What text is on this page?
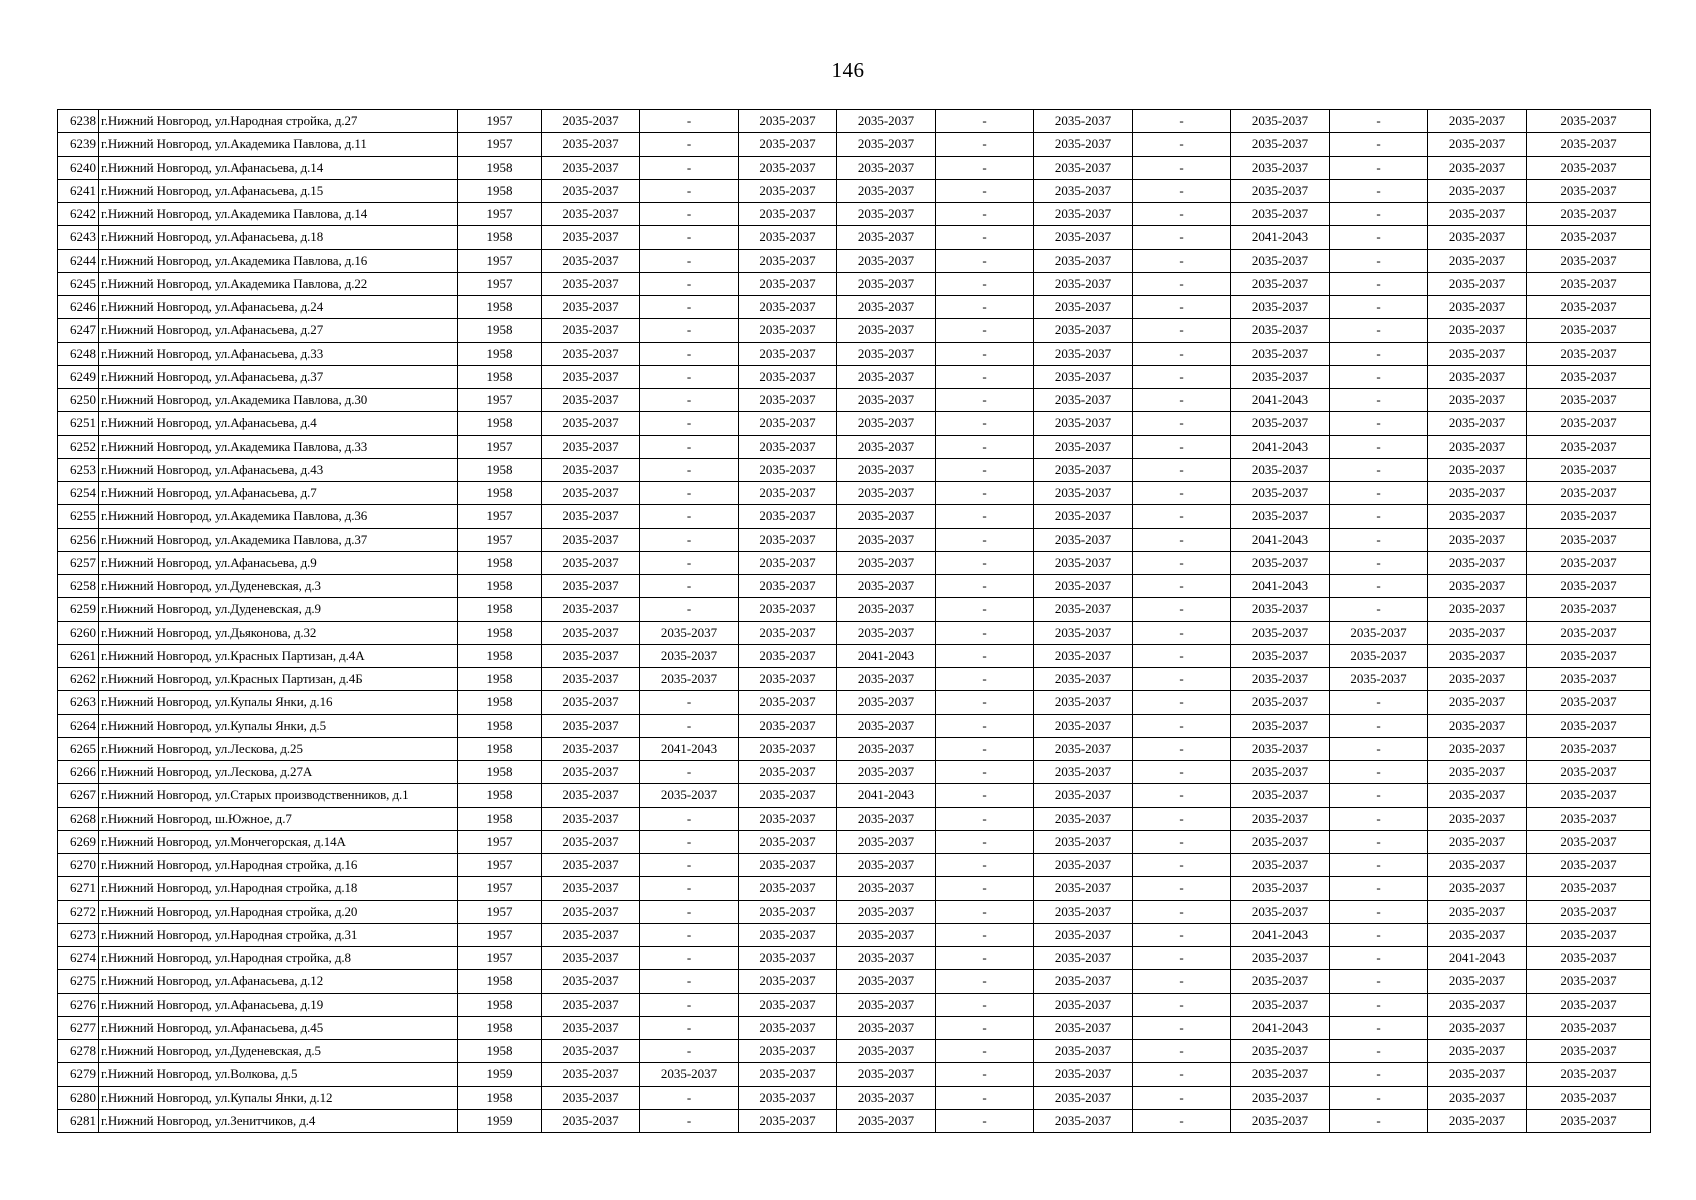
146
6238	г.Нижний Новгород, ул.Народная стройка, д.27	1957	2035-2037	-	2035-2037	2035-2037	-	2035-2037	-	2035-2037	-	2035-2037	2035-2037
6239	г.Нижний Новгород, ул.Академика Павлова, д.11	1957	2035-2037	-	2035-2037	2035-2037	-	2035-2037	-	2035-2037	-	2035-2037	2035-2037
6240	г.Нижний Новгород, ул.Афанасьева, д.14	1958	2035-2037	-	2035-2037	2035-2037	-	2035-2037	-	2035-2037	-	2035-2037	2035-2037
6241	г.Нижний Новгород, ул.Афанасьева, д.15	1958	2035-2037	-	2035-2037	2035-2037	-	2035-2037	-	2035-2037	-	2035-2037	2035-2037
6242	г.Нижний Новгород, ул.Академика Павлова, д.14	1957	2035-2037	-	2035-2037	2035-2037	-	2035-2037	-	2035-2037	-	2035-2037	2035-2037
6243	г.Нижний Новгород, ул.Афанасьева, д.18	1958	2035-2037	-	2035-2037	2035-2037	-	2035-2037	-	2041-2043	-	2035-2037	2035-2037
6244	г.Нижний Новгород, ул.Академика Павлова, д.16	1957	2035-2037	-	2035-2037	2035-2037	-	2035-2037	-	2035-2037	-	2035-2037	2035-2037
6245	г.Нижний Новгород, ул.Академика Павлова, д.22	1957	2035-2037	-	2035-2037	2035-2037	-	2035-2037	-	2035-2037	-	2035-2037	2035-2037
6246	г.Нижний Новгород, ул.Афанасьева, д.24	1958	2035-2037	-	2035-2037	2035-2037	-	2035-2037	-	2035-2037	-	2035-2037	2035-2037
6247	г.Нижний Новгород, ул.Афанасьева, д.27	1958	2035-2037	-	2035-2037	2035-2037	-	2035-2037	-	2035-2037	-	2035-2037	2035-2037
6248	г.Нижний Новгород, ул.Афанасьева, д.33	1958	2035-2037	-	2035-2037	2035-2037	-	2035-2037	-	2035-2037	-	2035-2037	2035-2037
6249	г.Нижний Новгород, ул.Афанасьева, д.37	1958	2035-2037	-	2035-2037	2035-2037	-	2035-2037	-	2035-2037	-	2035-2037	2035-2037
6250	г.Нижний Новгород, ул.Академика Павлова, д.30	1957	2035-2037	-	2035-2037	2035-2037	-	2035-2037	-	2041-2043	-	2035-2037	2035-2037
6251	г.Нижний Новгород, ул.Афанасьева, д.4	1958	2035-2037	-	2035-2037	2035-2037	-	2035-2037	-	2035-2037	-	2035-2037	2035-2037
6252	г.Нижний Новгород, ул.Академика Павлова, д.33	1957	2035-2037	-	2035-2037	2035-2037	-	2035-2037	-	2041-2043	-	2035-2037	2035-2037
6253	г.Нижний Новгород, ул.Афанасьева, д.43	1958	2035-2037	-	2035-2037	2035-2037	-	2035-2037	-	2035-2037	-	2035-2037	2035-2037
6254	г.Нижний Новгород, ул.Афанасьева, д.7	1958	2035-2037	-	2035-2037	2035-2037	-	2035-2037	-	2035-2037	-	2035-2037	2035-2037
6255	г.Нижний Новгород, ул.Академика Павлова, д.36	1957	2035-2037	-	2035-2037	2035-2037	-	2035-2037	-	2035-2037	-	2035-2037	2035-2037
6256	г.Нижний Новгород, ул.Академика Павлова, д.37	1957	2035-2037	-	2035-2037	2035-2037	-	2035-2037	-	2041-2043	-	2035-2037	2035-2037
6257	г.Нижний Новгород, ул.Афанасьева, д.9	1958	2035-2037	-	2035-2037	2035-2037	-	2035-2037	-	2035-2037	-	2035-2037	2035-2037
6258	г.Нижний Новгород, ул.Дуденевская, д.3	1958	2035-2037	-	2035-2037	2035-2037	-	2035-2037	-	2041-2043	-	2035-2037	2035-2037
6259	г.Нижний Новгород, ул.Дуденевская, д.9	1958	2035-2037	-	2035-2037	2035-2037	-	2035-2037	-	2035-2037	-	2035-2037	2035-2037
6260	г.Нижний Новгород, ул.Дьяконова, д.32	1958	2035-2037	2035-2037	2035-2037	2035-2037	-	2035-2037	-	2035-2037	2035-2037	2035-2037	2035-2037
6261	г.Нижний Новгород, ул.Красных Партизан, д.4А	1958	2035-2037	2035-2037	2035-2037	2041-2043	-	2035-2037	-	2035-2037	2035-2037	2035-2037	2035-2037
6262	г.Нижний Новгород, ул.Красных Партизан, д.4Б	1958	2035-2037	2035-2037	2035-2037	2035-2037	-	2035-2037	-	2035-2037	2035-2037	2035-2037	2035-2037
6263	г.Нижний Новгород, ул.Купалы Янки, д.16	1958	2035-2037	-	2035-2037	2035-2037	-	2035-2037	-	2035-2037	-	2035-2037	2035-2037
6264	г.Нижний Новгород, ул.Купалы Янки, д.5	1958	2035-2037	-	2035-2037	2035-2037	-	2035-2037	-	2035-2037	-	2035-2037	2035-2037
6265	г.Нижний Новгород, ул.Лескова, д.25	1958	2035-2037	2041-2043	2035-2037	2035-2037	-	2035-2037	-	2035-2037	-	2035-2037	2035-2037
6266	г.Нижний Новгород, ул.Лескова, д.27А	1958	2035-2037	-	2035-2037	2035-2037	-	2035-2037	-	2035-2037	-	2035-2037	2035-2037
6267	г.Нижний Новгород, ул.Старых производственников, д.1	1958	2035-2037	2035-2037	2035-2037	2041-2043	-	2035-2037	-	2035-2037	-	2035-2037	2035-2037
6268	г.Нижний Новгород, ш.Южное, д.7	1958	2035-2037	-	2035-2037	2035-2037	-	2035-2037	-	2035-2037	-	2035-2037	2035-2037
6269	г.Нижний Новгород, ул.Мончегорская, д.14А	1957	2035-2037	-	2035-2037	2035-2037	-	2035-2037	-	2035-2037	-	2035-2037	2035-2037
6270	г.Нижний Новгород, ул.Народная стройка, д.16	1957	2035-2037	-	2035-2037	2035-2037	-	2035-2037	-	2035-2037	-	2035-2037	2035-2037
6271	г.Нижний Новгород, ул.Народная стройка, д.18	1957	2035-2037	-	2035-2037	2035-2037	-	2035-2037	-	2035-2037	-	2035-2037	2035-2037
6272	г.Нижний Новгород, ул.Народная стройка, д.20	1957	2035-2037	-	2035-2037	2035-2037	-	2035-2037	-	2035-2037	-	2035-2037	2035-2037
6273	г.Нижний Новгород, ул.Народная стройка, д.31	1957	2035-2037	-	2035-2037	2035-2037	-	2035-2037	-	2041-2043	-	2035-2037	2035-2037
6274	г.Нижний Новгород, ул.Народная стройка, д.8	1957	2035-2037	-	2035-2037	2035-2037	-	2035-2037	-	2035-2037	-	2041-2043	2035-2037
6275	г.Нижний Новгород, ул.Афанасьева, д.12	1958	2035-2037	-	2035-2037	2035-2037	-	2035-2037	-	2035-2037	-	2035-2037	2035-2037
6276	г.Нижний Новгород, ул.Афанасьева, д.19	1958	2035-2037	-	2035-2037	2035-2037	-	2035-2037	-	2035-2037	-	2035-2037	2035-2037
6277	г.Нижний Новгород, ул.Афанасьева, д.45	1958	2035-2037	-	2035-2037	2035-2037	-	2035-2037	-	2041-2043	-	2035-2037	2035-2037
6278	г.Нижний Новгород, ул.Дуденевская, д.5	1958	2035-2037	-	2035-2037	2035-2037	-	2035-2037	-	2035-2037	-	2035-2037	2035-2037
6279	г.Нижний Новгород, ул.Волкова, д.5	1959	2035-2037	2035-2037	2035-2037	2035-2037	-	2035-2037	-	2035-2037	-	2035-2037	2035-2037
6280	г.Нижний Новгород, ул.Купалы Янки, д.12	1958	2035-2037	-	2035-2037	2035-2037	-	2035-2037	-	2035-2037	-	2035-2037	2035-2037
6281	г.Нижний Новгород, ул.Зенитчиков, д.4	1959	2035-2037	-	2035-2037	2035-2037	-	2035-2037	-	2035-2037	-	2035-2037	2035-2037
